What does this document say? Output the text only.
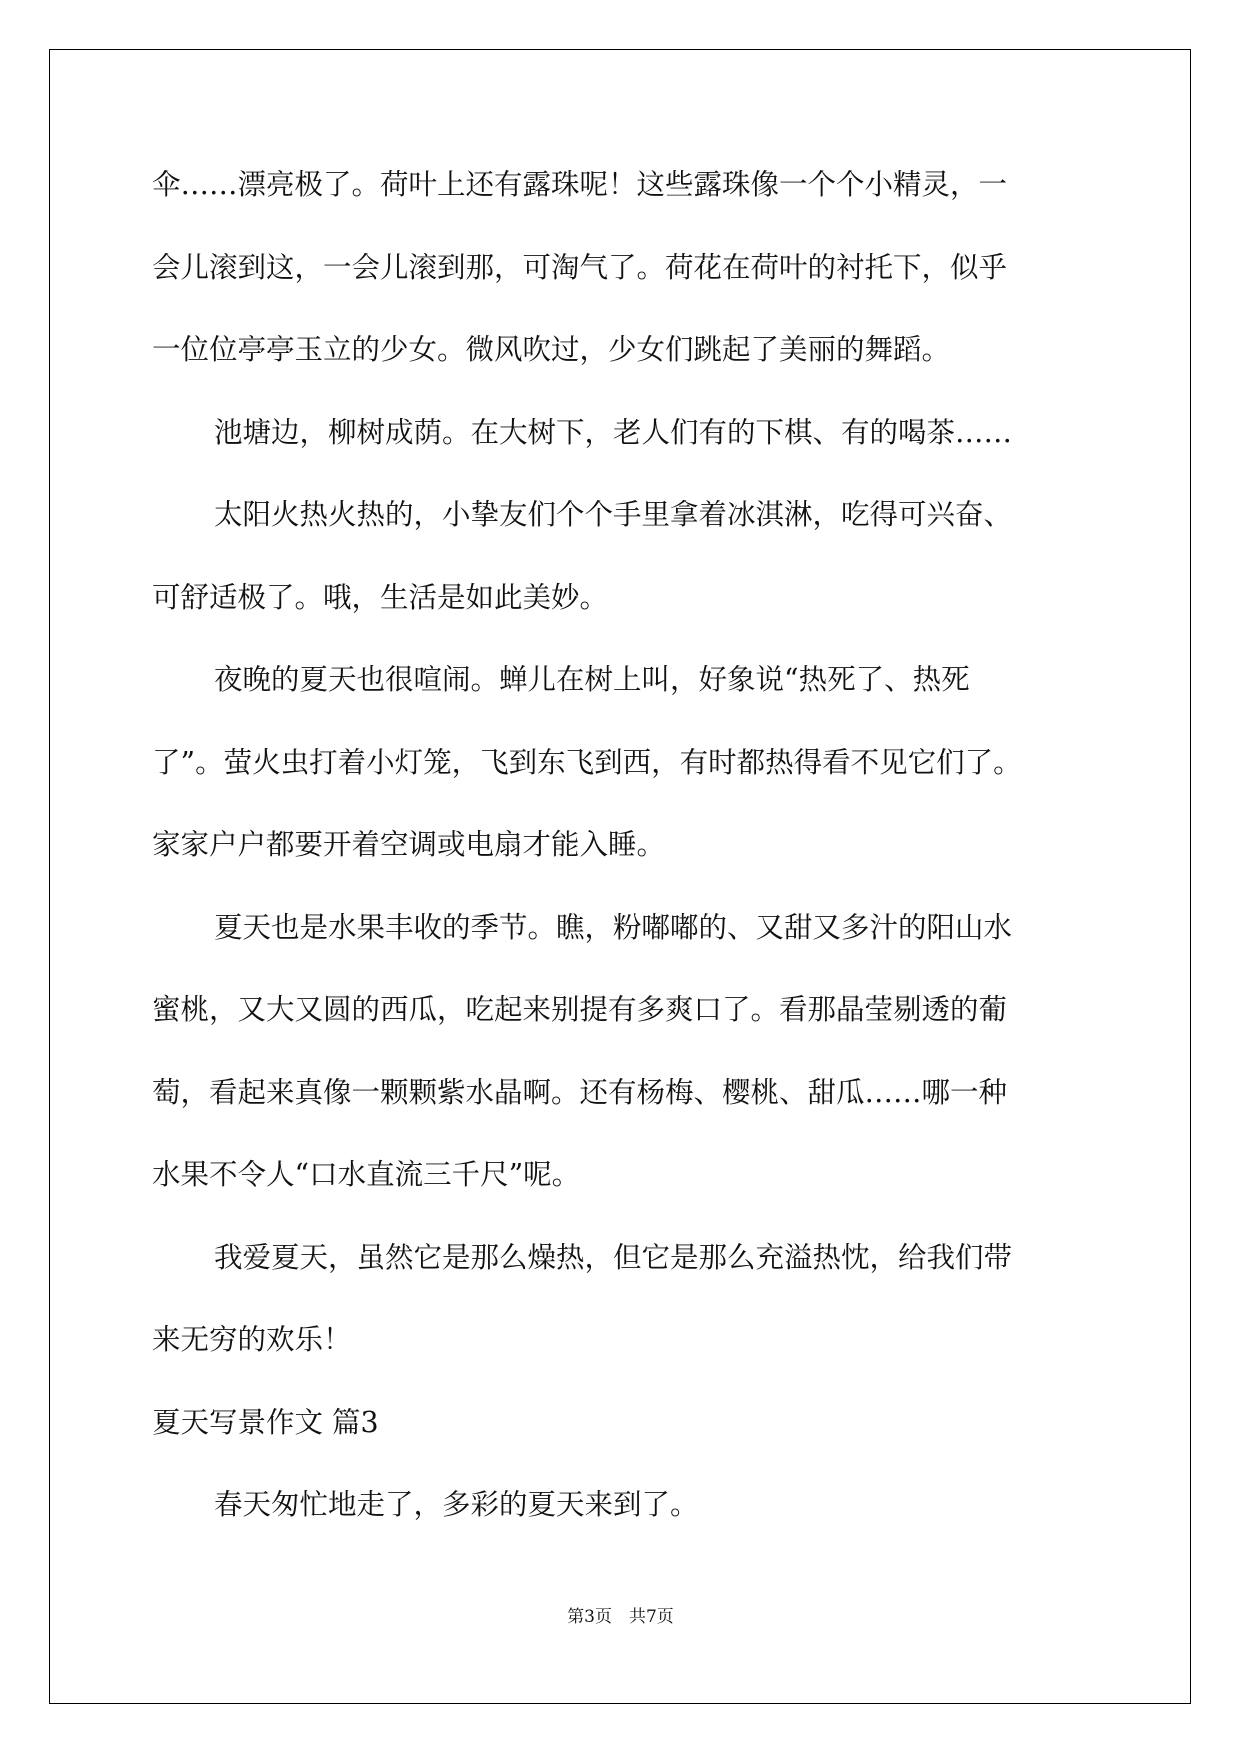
伞……漂亮极了。荷叶上还有露珠呢！这些露珠像一个个小精灵，一
会儿滚到这，一会儿滚到那，可淘气了。荷花在荷叶的衬托下，似乎
一位位亭亭玉立的少女。微风吹过，少女们跳起了美丽的舞蹈。
池塘边，柳树成荫。在大树下，老人们有的下棋、有的喝茶……
太阳火热火热的，小挚友们个个手里拿着冰淇淋，吃得可兴奋、
可舒适极了。哦，生活是如此美妙。
夜晚的夏天也很喧闹。蝉儿在树上叫，好象说“热死了、热死
了”。萤火虫打着小灯笼，飞到东飞到西，有时都热得看不见它们了。
家家户户都要开着空调或电扇才能入睡。
夏天也是水果丰收的季节。瞧，粉嘟嘟的、又甜又多汁的阳山水
蜜桃，又大又圆的西瓜，吃起来别提有多爽口了。看那晶莹剔透的葡
萄，看起来真像一颗颗紫水晶啊。还有杨梅、樱桃、甜瓜……哪一种
水果不令人“口水直流三千尺”呢。
我爱夏天，虽然它是那么燥热，但它是那么充溢热忱，给我们带
来无穷的欢乐！
夏天写景作文 篇3
春天匆忙地走了，多彩的夏天来到了。
第3页　共7页
